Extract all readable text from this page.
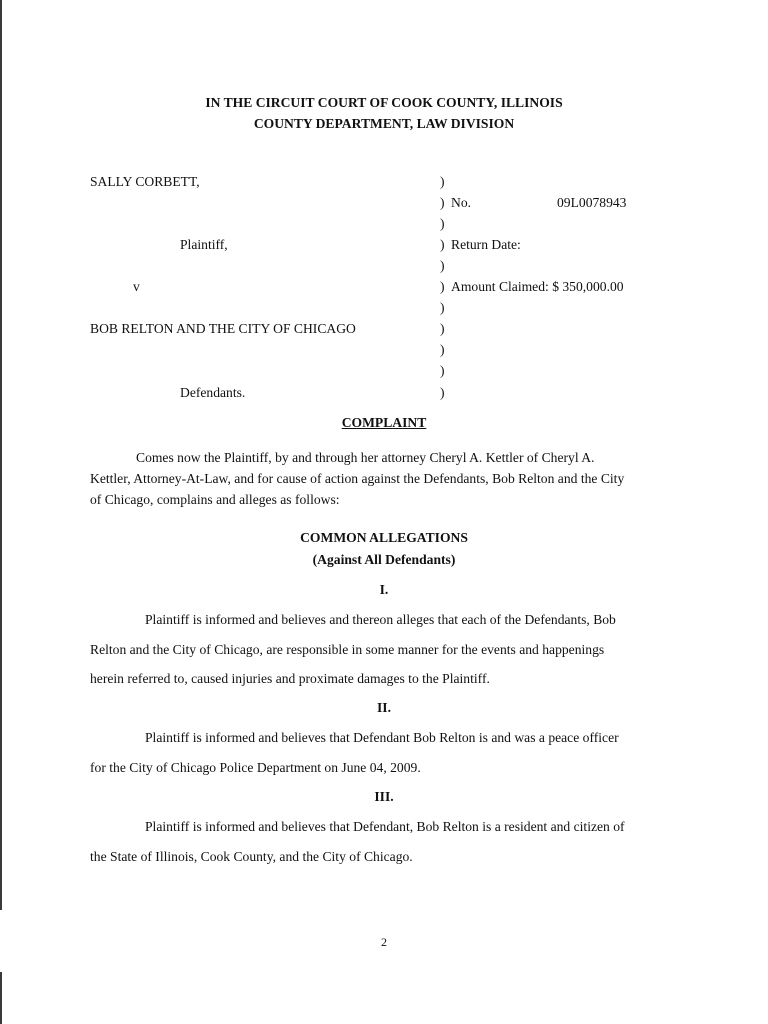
IN THE CIRCUIT COURT OF COOK COUNTY, ILLINOIS
COUNTY DEPARTMENT, LAW DIVISION
SALLY CORBETT,
Plaintiff,
v
BOB RELTON AND THE CITY OF CHICAGO
Defendants.
)
)
)
)
)
)
)
)
)
)
)
No.	09L0078943
Return Date:
Amount Claimed: $ 350,000.00
COMPLAINT
Comes now the Plaintiff, by and through her attorney Cheryl A. Kettler of Cheryl A.
Kettler, Attorney-At-Law, and for cause of action against the Defendants, Bob Relton and the City
of Chicago, complains and alleges as follows:
COMMON ALLEGATIONS
(Against All Defendants)
I.
Plaintiff is informed and believes and thereon alleges that each of the Defendants, Bob
Relton and the City of Chicago, are responsible in some manner for the events and happenings
herein referred to, caused injuries and proximate damages to the Plaintiff.
II.
Plaintiff is informed and believes that Defendant Bob Relton is and was a peace officer
for the City of Chicago Police Department on June 04, 2009.
III.
Plaintiff is informed and believes that Defendant, Bob Relton is a resident and citizen of
the State of Illinois, Cook County, and the City of Chicago.
2
